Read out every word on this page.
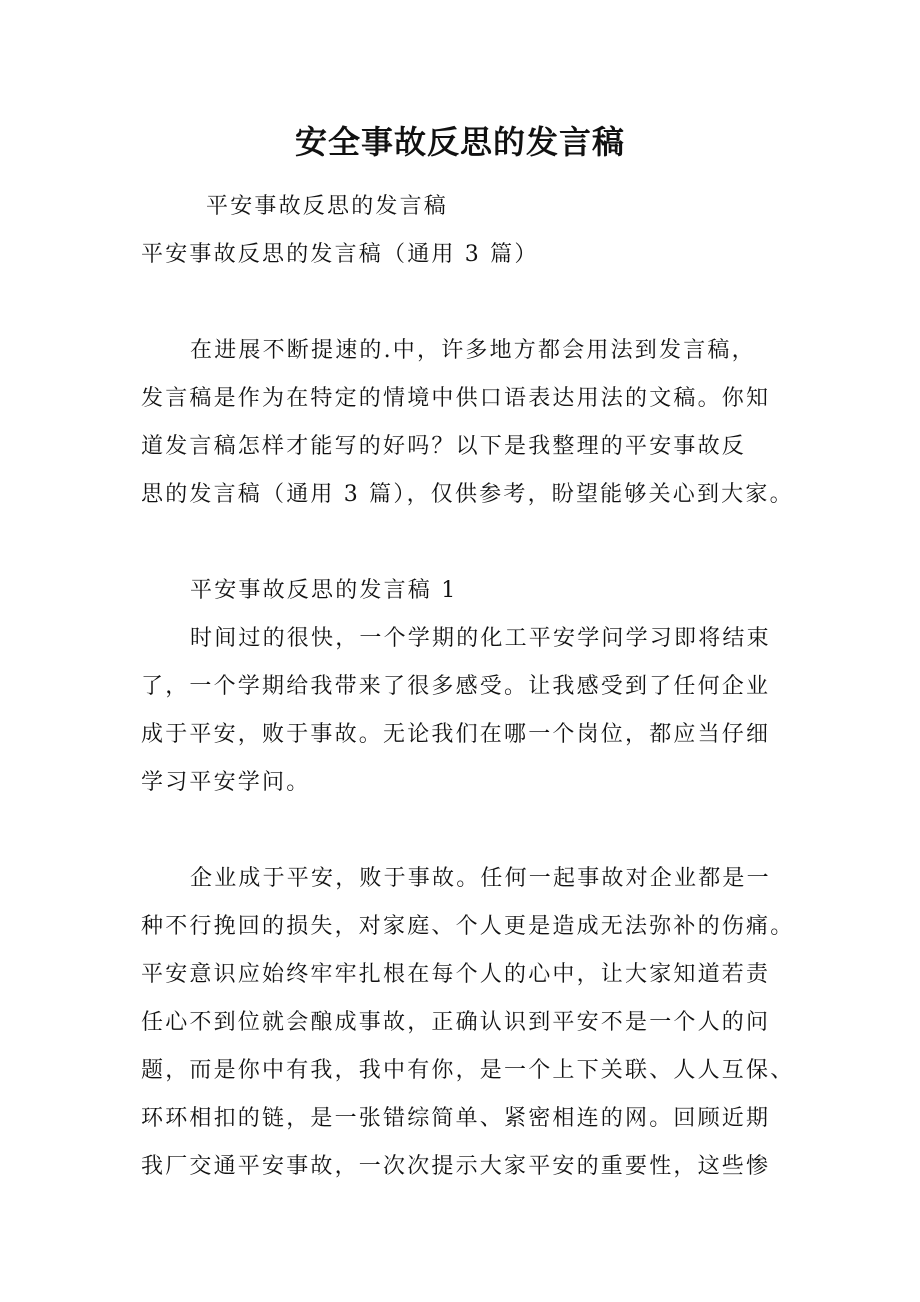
安全事故反思的发言稿

平安事故反思的发言稿

平安事故反思的发言稿（通用 3 篇）

在进展不断提速的.中，许多地方都会用法到发言稿，

发言稿是作为在特定的情境中供口语表达用法的文稿。你知

道发言稿怎样才能写的好吗？以下是我整理的平安事故反

思的发言稿（通用 3 篇），仅供参考，盼望能够关心到大家。

平安事故反思的发言稿 1

时间过的很快，一个学期的化工平安学问学习即将结束

了，一个学期给我带来了很多感受。让我感受到了任何企业

成于平安，败于事故。无论我们在哪一个岗位，都应当仔细

学习平安学问。

企业成于平安，败于事故。任何一起事故对企业都是一

种不行挽回的损失，对家庭、个人更是造成无法弥补的伤痛。

平安意识应始终牢牢扎根在每个人的心中，让大家知道若责

任心不到位就会酿成事故，正确认识到平安不是一个人的问

题，而是你中有我，我中有你，是一个上下关联、人人互保、

环环相扣的链，是一张错综简单、紧密相连的网。回顾近期

我厂交通平安事故，一次次提示大家平安的重要性，这些惨
